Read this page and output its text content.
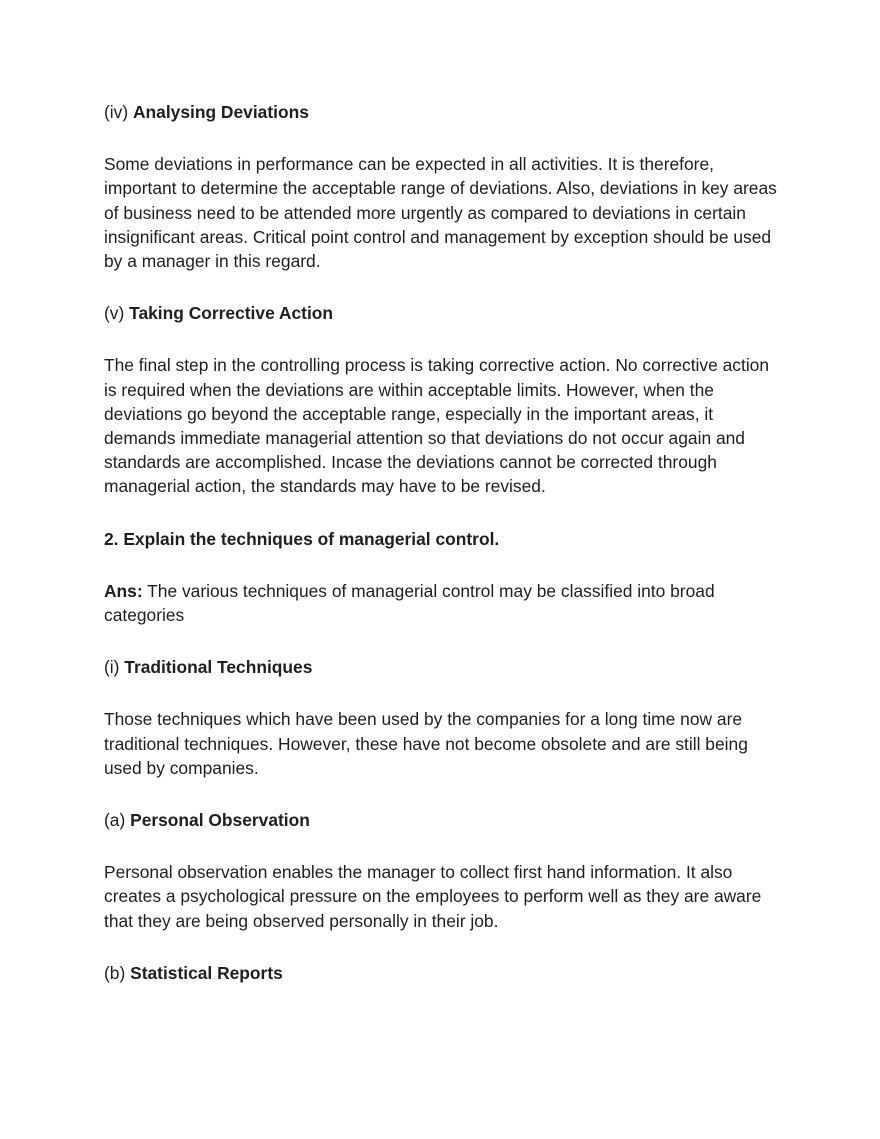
(iv) Analysing Deviations

Some deviations in performance can be expected in all activities. It is therefore, important to determine the acceptable range of deviations. Also, deviations in key areas of business need to be attended more urgently as compared to deviations in certain insignificant areas. Critical point control and management by exception should be used by a manager in this regard.

(v) Taking Corrective Action

The final step in the controlling process is taking corrective action. No corrective action is required when the deviations are within acceptable limits. However, when the deviations go beyond the acceptable range, especially in the important areas, it demands immediate managerial attention so that deviations do not occur again and standards are accomplished. Incase the deviations cannot be corrected through managerial action, the standards may have to be revised.

2. Explain the techniques of managerial control.

Ans: The various techniques of managerial control may be classified into broad categories

(i) Traditional Techniques

Those techniques which have been used by the companies for a long time now are traditional techniques. However, these have not become obsolete and are still being used by companies.

(a) Personal Observation

Personal observation enables the manager to collect first hand information. It also creates a psychological pressure on the employees to perform well as they are aware that they are being observed personally in their job.

(b) Statistical Reports
